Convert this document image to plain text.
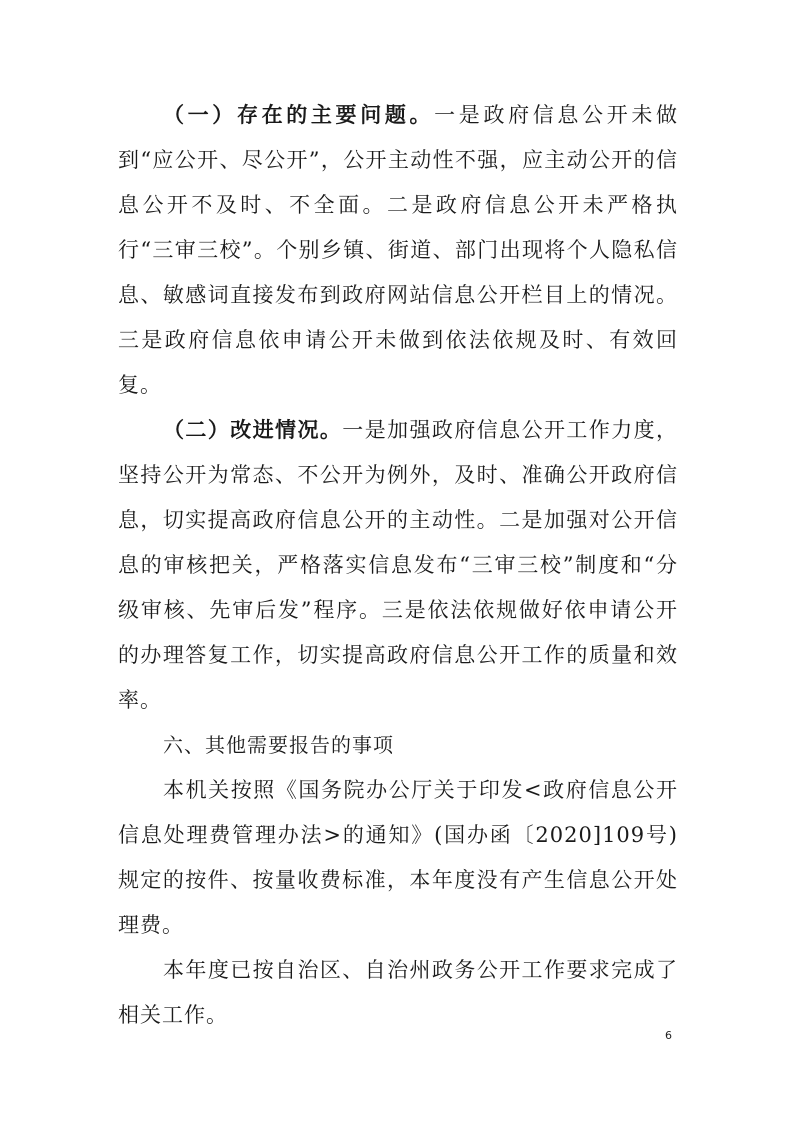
（一）存在的主要问题。一是政府信息公开未做到“应公开、尽公开”，公开主动性不强，应主动公开的信息公开不及时、不全面。二是政府信息公开未严格执行“三审三校”。个别乡镇、街道、部门出现将个人隐私信息、敏感词直接发布到政府网站信息公开栏目上的情况。三是政府信息依申请公开未做到依法依规及时、有效回复。

（二）改进情况。一是加强政府信息公开工作力度，坚持公开为常态、不公开为例外，及时、准确公开政府信息，切实提高政府信息公开的主动性。二是加强对公开信息的审核把关，严格落实信息发布“三审三校”制度和“分级审核、先审后发”程序。三是依法依规做好依申请公开的办理答复工作，切实提高政府信息公开工作的质量和效率。

六、其他需要报告的事项

本机关按照《国务院办公厅关于印发<政府信息公开信息处理费管理办法>的通知》(国办函〔2020]109号)规定的按件、按量收费标准，本年度没有产生信息公开处理费。

本年度已按自治区、自治州政务公开工作要求完成了相关工作。

6
